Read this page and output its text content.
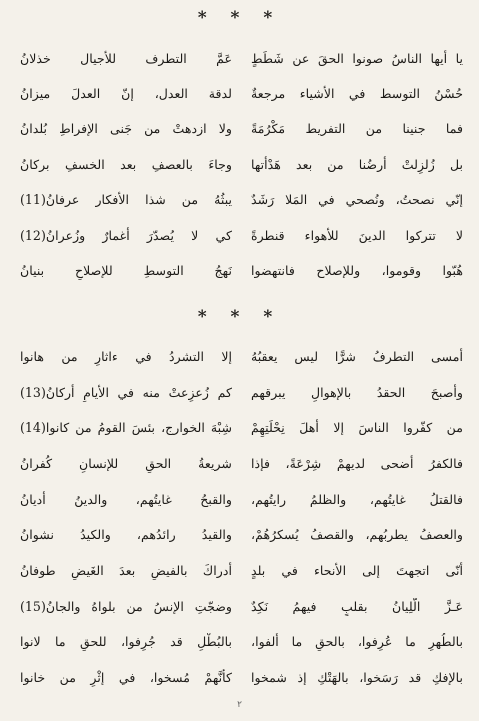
* * *
يا أيها الناسُ صونوا الحقَ عن شَطَطٍ
عَمَّ التطرف للأجيال خذلانُ
حُسْنُ التوسط في الأشياء مرجعةٌ
لدقة العدل، إنّ العدلَ ميزانُ
فما جنينا من التفريط مَكْرُمَةً
ولا ازدهتْ من جَنى الإفراطِ بُلدانُ
بل زُلزِلتْ أرضُنا من بعد هَدْأتها
وجاءَ بالعصفِ بعد الخسفِ بركانُ
إنّي نصحتُ، ونُصحي في المَلا رَشَدٌ
يبثُهُ من شذا الأفكار عرفانُ(11)
لا تتركوا الدينَ للأهواء قنطرةً
كي لا يُصدّرَ أغمارٌ وزُعرانُ(12)
هُبّوا وقوموا، وللإصلاح فانتهضوا
نَهجُ التوسطِ للإصلاحِ بنيانُ
* * *
أمسى التطرفُ شرًّا ليس يعقبُهُ
إلا التشردُ في ءاثارِ من هانوا
وأصبحَ الحقدُ بالإهوالِ يبرقهم
كم زُعزِعتْ منه في الأيامِ أركانُ(13)
من كفّروا الناسَ إلا أهلَ نِحْلَتِهِمْ
شِبْهَ الخوارج، بئسَ القومُ من كانوا(14)
فالكفرُ أضحى لديهمْ شِرْعَةً، فإذا
شريعةُ الحقِ للإنسانِ كُفرانُ
فالقتلُ غايتُهم، والظلمُ رايتُهم،
والقبحُ غايتُهم، والدينُ أديانُ
والعصفُ يطربُهم، والقصفُ يُسكرُهُمْ،
والقيدُ رائدُهم، والكيدُ نشوانُ
أنّى اتجهتَ إلى الأنحاء في بلدٍ
أدراكَ بالفيضِ بعدَ الغَيضِ طوفانُ
عَـزَّ الَّلِيانُ بقلبٍ فيهمُ نَكِدٌ
وضجّتِ الإنسُ من بلواهُ والجانُ(15)
بالطُهرِ ما عُرِفوا، بالحقِ ما أُلفوا،
بالبُطْلِ قد جُرِفوا، للحقِ ما لانوا
بالإفكِ قد رَسَخوا، بالهَتْكِ إذ شمخوا
كأنَّهمْ مُسخوا، في إثْرِ من خانوا
٢
